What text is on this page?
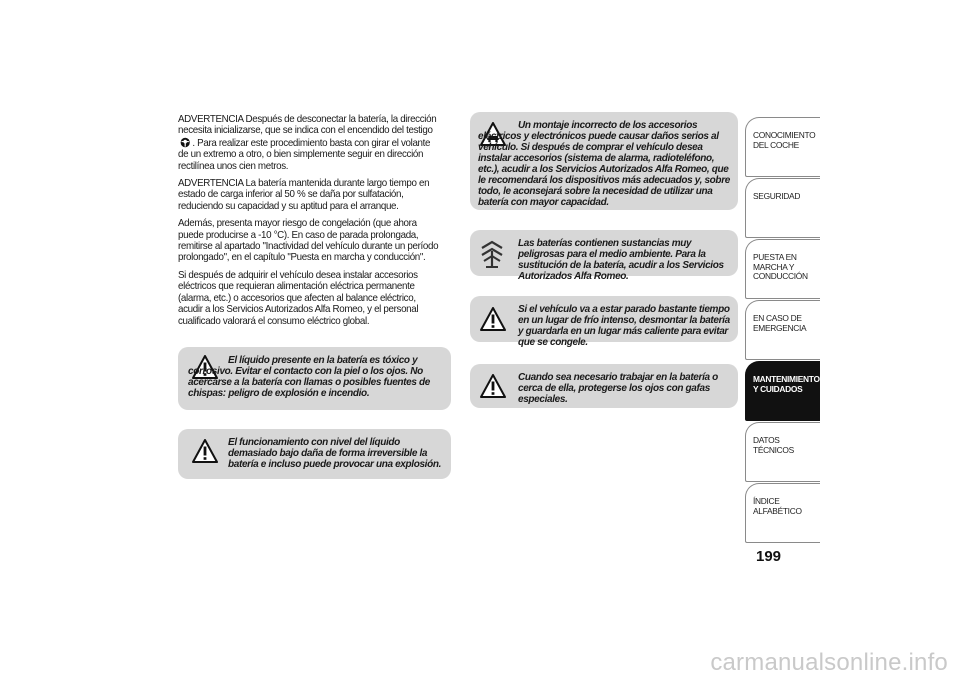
ADVERTENCIA Después de desconectar la batería, la dirección necesita inicializarse, que se indica con el encendido del testigo . Para realizar este procedimiento basta con girar el volante de un extremo a otro, o bien simplemente seguir en dirección rectilínea unos cien metros.

ADVERTENCIA La batería mantenida durante largo tiempo en estado de carga inferior al 50 % se daña por sulfatación, reduciendo su capacidad y su aptitud para el arranque.

Además, presenta mayor riesgo de congelación (que ahora puede producirse a -10 °C). En caso de parada prolongada, remitirse al apartado "Inactividad del vehículo durante un período prolongado", en el capítulo "Puesta en marcha y conducción".

Si después de adquirir el vehículo desea instalar accesorios eléctricos que requieran alimentación eléctrica permanente (alarma, etc.) o accesorios que afecten al balance eléctrico, acudir a los Servicios Autorizados Alfa Romeo, y el personal cualificado valorará el consumo eléctrico global.

El líquido presente en la batería es tóxico y corrosivo. Evitar el contacto con la piel o los ojos. No acercarse a la batería con llamas o posibles fuentes de chispas: peligro de explosión e incendio.

El funcionamiento con nivel del líquido demasiado bajo daña de forma irreversible la batería e incluso puede provocar una explosión.

Un montaje incorrecto de los accesorios eléctricos y electrónicos puede causar daños serios al vehículo. Si después de comprar el vehículo desea instalar accesorios (sistema de alarma, radioteléfono, etc.), acudir a los Servicios Autorizados Alfa Romeo, que le recomendará los dispositivos más adecuados y, sobre todo, le aconsejará sobre la necesidad de utilizar una batería con mayor capacidad.

Las baterías contienen sustancias muy peligrosas para el medio ambiente. Para la sustitución de la batería, acudir a los Servicios Autorizados Alfa Romeo.

Si el vehículo va a estar parado bastante tiempo en un lugar de frío intenso, desmontar la batería y guardarla en un lugar más caliente para evitar que se congele.

Cuando sea necesario trabajar en la batería o cerca de ella, protegerse los ojos con gafas especiales.

CONOCIMIENTO DEL COCHE
SEGURIDAD
PUESTA EN MARCHA Y CONDUCCIÓN
EN CASO DE EMERGENCIA
MANTENIMIENTO Y CUIDADOS
DATOS TÉCNICOS
ÍNDICE ALFABÉTICO
199
carmanualsonline.info
